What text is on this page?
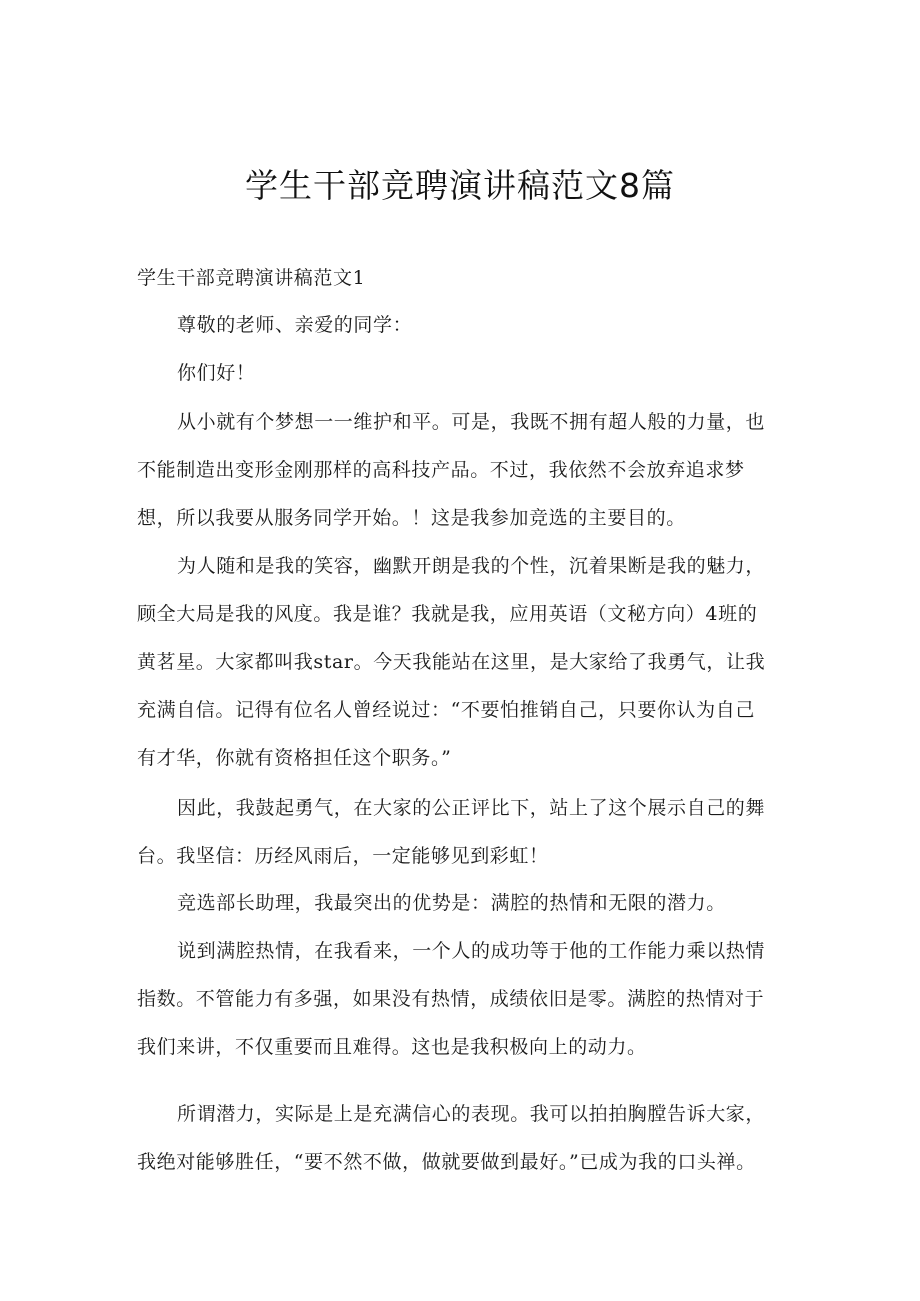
学生干部竞聘演讲稿范文8篇
学生干部竞聘演讲稿范文1
尊敬的老师、亲爱的同学：
你们好！
从小就有个梦想一一维护和平。可是，我既不拥有超人般的力量，也
不能制造出变形金刚那样的高科技产品。不过，我依然不会放弃追求梦
想，所以我要从服务同学开始。！这是我参加竞选的主要目的。
为人随和是我的笑容，幽默开朗是我的个性，沉着果断是我的魅力，
顾全大局是我的风度。我是谁？我就是我，应用英语（文秘方向）4班的
黄茗星。大家都叫我star。今天我能站在这里，是大家给了我勇气，让我
充满自信。记得有位名人曾经说过：“不要怕推销自己，只要你认为自己
有才华，你就有资格担任这个职务。”
因此，我鼓起勇气，在大家的公正评比下，站上了这个展示自己的舞
台。我坚信：历经风雨后，一定能够见到彩虹！
竞选部长助理，我最突出的优势是：满腔的热情和无限的潜力。
说到满腔热情，在我看来，一个人的成功等于他的工作能力乘以热情
指数。不管能力有多强，如果没有热情，成绩依旧是零。满腔的热情对于
我们来讲，不仅重要而且难得。这也是我积极向上的动力。
所谓潜力，实际是上是充满信心的表现。我可以拍拍胸膛告诉大家，
我绝对能够胜任，“要不然不做，做就要做到最好。”已成为我的口头禅。
